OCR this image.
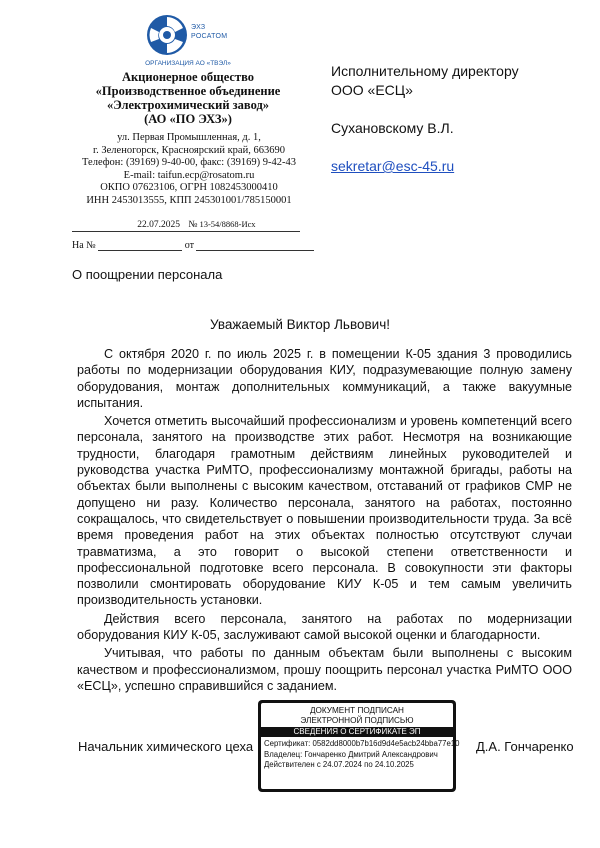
ЭХЗ
РОСАТОМ
ОРГАНИЗАЦИЯ АО «ТВЭЛ»
Акционерное общество
«Производственное объединение
«Электрохимический завод»
(АО «ПО ЭХЗ»)
ул. Первая Промышленная, д. 1,
г. Зеленогорск, Красноярский край, 663690
Телефон: (39169) 9-40-00, факс: (39169) 9-42-43
E-mail: taifun.ecp@rosatom.ru
ОКПО 07623106, ОГРН 1082453000410
ИНН 2453013555, КПП 245301001/785150001
22.07.2025 № 13-54/8868-Исх
На №	от
Исполнительному директору
ООО «ЕСЦ»
Сухановскому В.Л.
sekretar@esc-45.ru
О поощрении персонала
Уважаемый Виктор Львович!

С октября 2020 г. по июль 2025 г. в помещении К-05 здания 3 проводились работы по модернизации оборудования КИУ, подразумевающие полную замену оборудования, монтаж дополнительных коммуникаций, а также вакуумные испытания.

Хочется отметить высочайший профессионализм и уровень компетенций всего персонала, занятого на производстве этих работ. Несмотря на возникающие трудности, благодаря грамотным действиям линейных руководителей и руководства участка РиМТО, профессионализму монтажной бригады, работы на объектах были выполнены с высоким качеством, отставаний от графиков СМР не допущено ни разу. Количество персонала, занятого на работах, постоянно сокращалось, что свидетельствует о повышении производительности труда. За всё время проведения работ на этих объектах полностью отсутствуют случаи травматизма, а это говорит о высокой степени ответственности и профессиональной подготовке всего персонала. В совокупности эти факторы позволили смонтировать оборудование КИУ К-05 и тем самым увеличить производительность установки.

Действия всего персонала, занятого на работах по модернизации оборудования КИУ К-05, заслуживают самой высокой оценки и благодарности.

Учитывая, что работы по данным объектам были выполнены с высоким качеством и профессионализмом, прошу поощрить персонал участка РиМТО ООО «ЕСЦ», успешно справившийся с заданием.

Начальник химического цеха
ДОКУМЕНТ ПОДПИСАН
ЭЛЕКТРОННОЙ ПОДПИСЬЮ
СВЕДЕНИЯ О СЕРТИФИКАТЕ ЭП
Сертификат: 0582dd8000b7b16d9d4e5acb24bba77e10
Владелец: Гончаренко Дмитрий Александрович
Действителен с 24.07.2024 по 24.10.2025
Д.А. Гончаренко
